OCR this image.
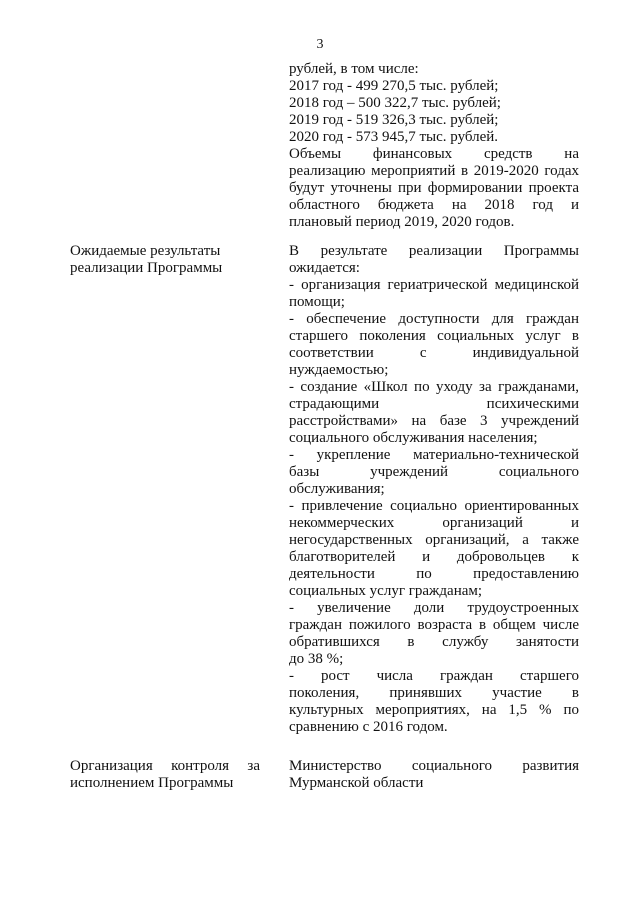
3
рублей, в том числе:
2017 год - 499 270,5 тыс. рублей;
2018 год – 500 322,7 тыс. рублей;
2019 год - 519 326,3 тыс. рублей;
2020 год - 573 945,7 тыс. рублей.
Объемы финансовых средств на
реализацию мероприятий в 2019-2020 годах
будут уточнены при формировании проекта
областного бюджета на 2018 год и
плановый период 2019, 2020 годов.
Ожидаемые результаты
реализации Программы
В результате реализации Программы
ожидается:
- организация гериатрической медицинской
помощи;
- обеспечение доступности для граждан
старшего поколения социальных услуг в
соответствии с индивидуальной
нуждаемостью;
- создание «Школ по уходу за гражданами,
страдающими психическими
расстройствами» на базе 3 учреждений
социального обслуживания населения;
- укрепление материально-технической
базы учреждений социального
обслуживания;
- привлечение социально ориентированных
некоммерческих организаций и
негосударственных организаций, а также
благотворителей и добровольцев к
деятельности по предоставлению
социальных услуг гражданам;
- увеличение доли трудоустроенных
граждан пожилого возраста в общем числе
обратившихся в службу занятости
до 38 %;
- рост числа граждан старшего
поколения, принявших участие в
культурных мероприятиях, на 1,5 % по
сравнению с 2016 годом.
Организация контроля за
исполнением Программы
Министерство социального развития
Мурманской области
